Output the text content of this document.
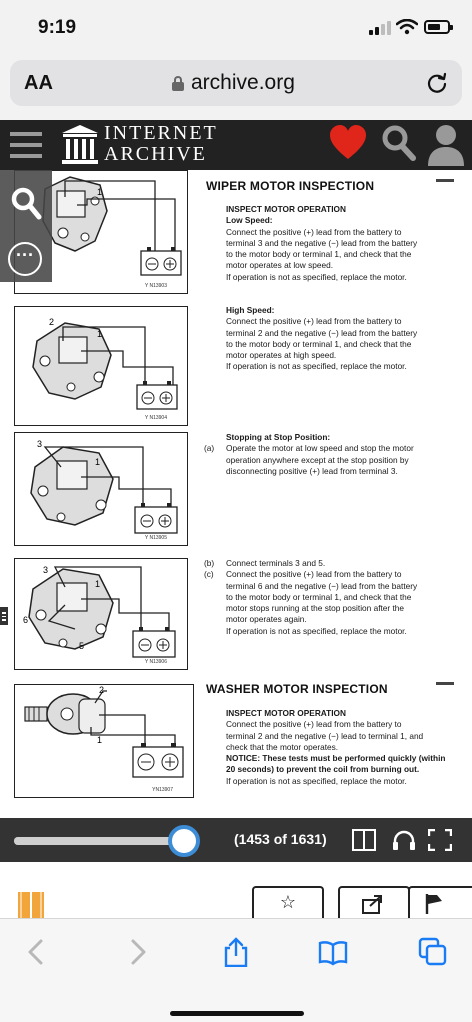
9:19
AA	archive.org
INTERNET
ARCHIVE
1
Y N13903
2
1
Y N13904
3
1
Y N13905
3
6
5
1
Y N13906
2
1
YN13907
WIPER MOTOR INSPECTION
INSPECT MOTOR OPERATION
Low Speed:
Connect the positive (+) lead from the battery to
terminal 3 and the negative (−) lead from the battery
to the motor body or terminal 1, and check that the
motor operates at low speed.
If operation is not as specified, replace the motor.
High Speed:
Connect the positive (+) lead from the battery to
terminal 2 and the negative (−) lead from the battery
to the motor body or terminal 1, and check that the
motor operates at high speed.
If operation is not as specified, replace the motor.
Stopping at Stop Position:
(a) Operate the motor at low speed and stop the motor
operation anywhere except at the stop position by
disconnecting positive (+) lead from terminal 3.
(b) Connect terminals 3 and 5.
(c) Connect the positive (+) lead from the battery to
terminal 6 and the negative (−) lead from the battery
to the motor body or terminal 1, and check that the
motor stops running at the stop position after the
motor operates again.
If operation is not as specified, replace the motor.
WASHER MOTOR INSPECTION
INSPECT MOTOR OPERATION
Connect the positive (+) lead from the battery to
terminal 2 and the negative (−) lead to terminal 1, and
check that the motor operates.
NOTICE: These tests must be performed quickly (within
20 seconds) to prevent the coil from burning out.
If operation is not as specified, replace the motor.
···
(1453 of 1631)
☆
